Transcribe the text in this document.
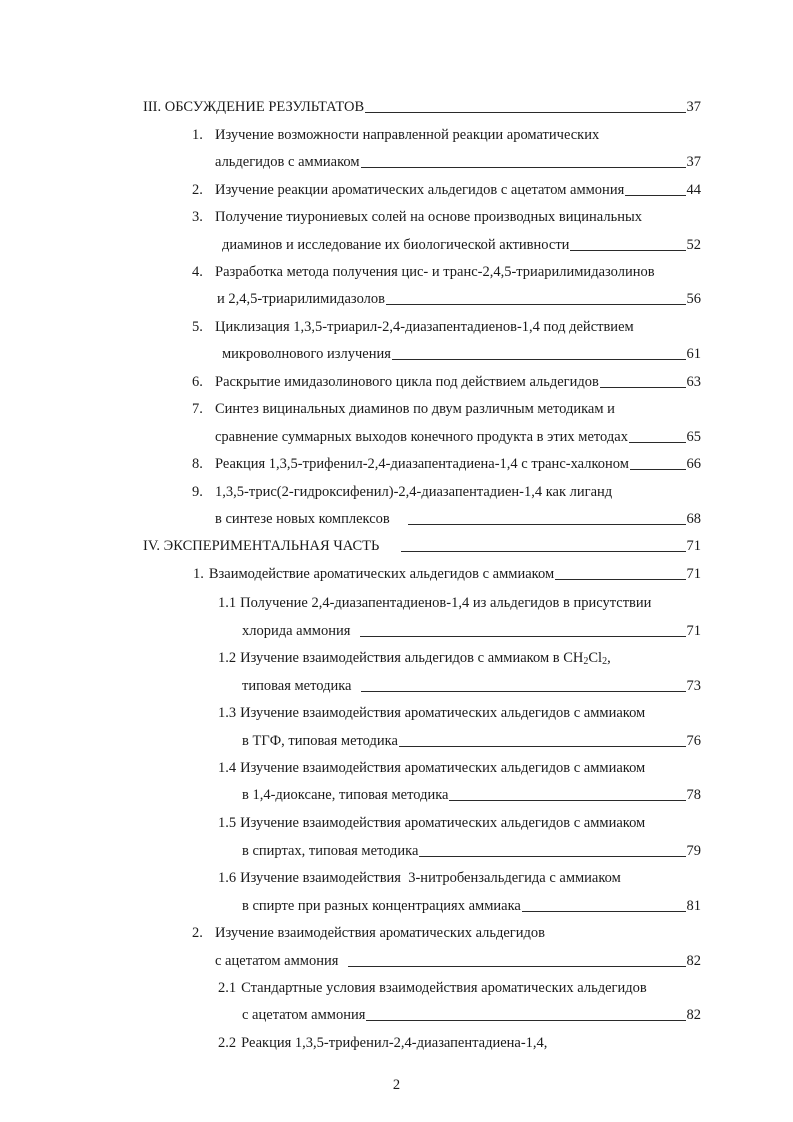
III. ОБСУЖДЕНИЕ РЕЗУЛЬТАТОВ	37
1. Изучение возможности направленной реакции ароматических
альдегидов с аммиаком	37
2. Изучение реакции ароматических альдегидов с ацетатом аммония	44
3. Получение тиурониевых солей на основе производных вицинальных
диаминов и исследование их биологической активности	52
4. Разработка метода получения цис- и транс-2,4,5-триарилимидазолинов
и 2,4,5-триарилимидазолов	56
5. Циклизация 1,3,5-триарил-2,4-диазапентадиенов-1,4 под действием
микроволнового излучения	61
6. Раскрытие имидазолинового цикла под действием альдегидов	63
7. Синтез вицинальных диаминов по двум различным методикам и
сравнение суммарных выходов конечного продукта в этих методах	65
8. Реакция 1,3,5-трифенил-2,4-диазапентадиена-1,4 с транс-халконом	66
9. 1,3,5-трис(2-гидроксифенил)-2,4-диазапентадиен-1,4 как лиганд
в синтезе новых комплексов	68
IV. ЭКСПЕРИМЕНТАЛЬНАЯ ЧАСТЬ	71
1. Взаимодействие ароматических альдегидов с аммиаком	71
1.1 Получение 2,4-диазапентадиенов-1,4 из альдегидов в присутствии
хлорида аммония	71
1.2 Изучение взаимодействия альдегидов с аммиаком в $CH_2Cl_2$,
типовая методика	73
1.3 Изучение взаимодействия ароматических альдегидов с аммиаком
в ТГФ, типовая методика	76
1.4 Изучение взаимодействия ароматических альдегидов с аммиаком
в 1,4-диоксане, типовая методика	78
1.5 Изучение взаимодействия ароматических альдегидов с аммиаком
в спиртах, типовая методика	79
1.6 Изучение взаимодействия  3-нитробензальдегида с аммиаком
в спирте при разных концентрациях аммиака	81
2. Изучение взаимодействия ароматических альдегидов
с ацетатом аммония	82
2.1 Стандартные условия взаимодействия ароматических альдегидов
с ацетатом аммония	82
2.2 Реакция 1,3,5-трифенил-2,4-диазапентадиена-1,4,
2
